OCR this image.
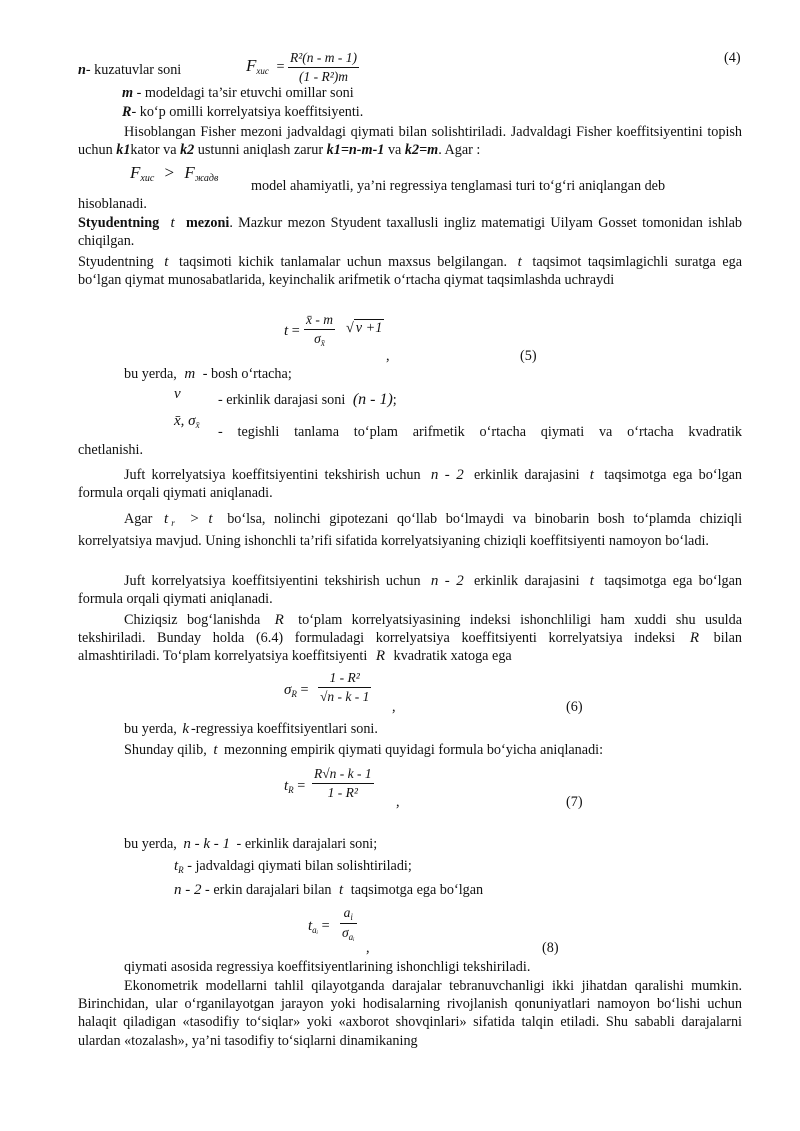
(4)
n- kuzatuvlar soni	$F_{хис}$ =
R²(n - m - 1)
(1 - R²)m
m - modeldagi ta’sir etuvchi omillar soni
R- ko‘p omilli korrelyatsiya koeffitsiyenti.
Hisoblangan Fisher mezoni jadvaldagi qiymati bilan solishtiriladi. Jadvaldagi Fisher koeffitsiyentini topish uchun k1kator va k2 ustunni aniqlash zarur k1=n-m-1 va k2=m. Agar :
$F_{хис} > F_{жадв}$ model ahamiyatli, ya’ni regressiya tenglamasi turi to‘g‘ri aniqlangan deb
hisoblanadi.
Styudentning t mezoni. Mazkur mezon Styudent taxallusli ingliz matematigi Uilyam Gosset tomonidan ishlab chiqilgan.
Styudentning t taqsimoti kichik tanlamalar uchun maxsus belgilangan. t taqsimot taqsimlagichli suratga ega bo‘lgan qiymat munosabatlarida, keyinchalik arifmetik o‘rtacha qiymat taqsimlashda uchraydi
t =
x̄ - m
$\sigma_{x̄}$
√ ν +1
,	(5)
bu yerda, m - bosh o‘rtacha;
ν	- erkinlik darajasi soni (n - 1);
x̄, $\sigma_{x̄}$ - tegishli tanlama to‘plam arifmetik o‘rtacha qiymati va o‘rtacha kvadratik
chetlanishi.
Juft korrelyatsiya koeffitsiyentini tekshirish uchun n - 2 erkinlik darajasini t taqsimotga ega bo‘lgan formula orqali qiymati aniqlanadi.
Agar t $_r$ > t bo‘lsa, nolinchi gipotezani qo‘llab bo‘lmaydi va binobarin bosh to‘plamda chiziqli korrelyatsiya mavjud. Uning ishonchli ta’rifi sifatida korrelyatsiyaning chiziqli koeffitsiyenti namoyon bo‘ladi.
Juft korrelyatsiya koeffitsiyentini tekshirish uchun n - 2 erkinlik darajasini t taqsimotga ega bo‘lgan formula orqali qiymati aniqlanadi.
Chiziqsiz bog‘lanishda R to‘plam korrelyatsiyasining indeksi ishonchliligi ham xuddi shu usulda tekshiriladi. Bunday holda (6.4) formuladagi korrelyatsiya koeffitsiyenti korrelyatsiya indeksi R bilan almashtiriladi. To‘plam korrelyatsiya koeffitsiyenti R kvadratik xatoga ega
$\sigma_R$ =
1 - R²
√n - k - 1
,	(6)
bu yerda, k -regressiya koeffitsiyentlari soni.
Shunday qilib, t mezonning empirik qiymati quyidagi formula bo‘yicha aniqlanadi:
$t_R$ =
R√n - k - 1
1 - R²
,	(7)
bu yerda, n - k - 1 - erkinlik darajalari soni;
$t_R$ - jadvaldagi qiymati bilan solishtiriladi;
n - 2 - erkin darajalari bilan t taqsimotga ega bo‘lgan
$t_{aᵢ}$ =
$a_i$
$\sigma_{aᵢ}$
,	(8)
qiymati asosida regressiya koeffitsiyentlarining ishonchligi tekshiriladi.
Ekonometrik modellarni tahlil qilayotganda darajalar tebranuvchanligi ikki jihatdan qaralishi mumkin. Birinchidan, ular o‘rganilayotgan jarayon yoki hodisalarning rivojlanish qonuniyatlari namoyon bo‘lishi uchun halaqit qiladigan «tasodifiy to‘siqlar» yoki «axborot shovqinlari» sifatida talqin etiladi. Shu sababli darajalarni ulardan «tozalash», ya’ni tasodifiy to‘siqlarni dinamikaning
